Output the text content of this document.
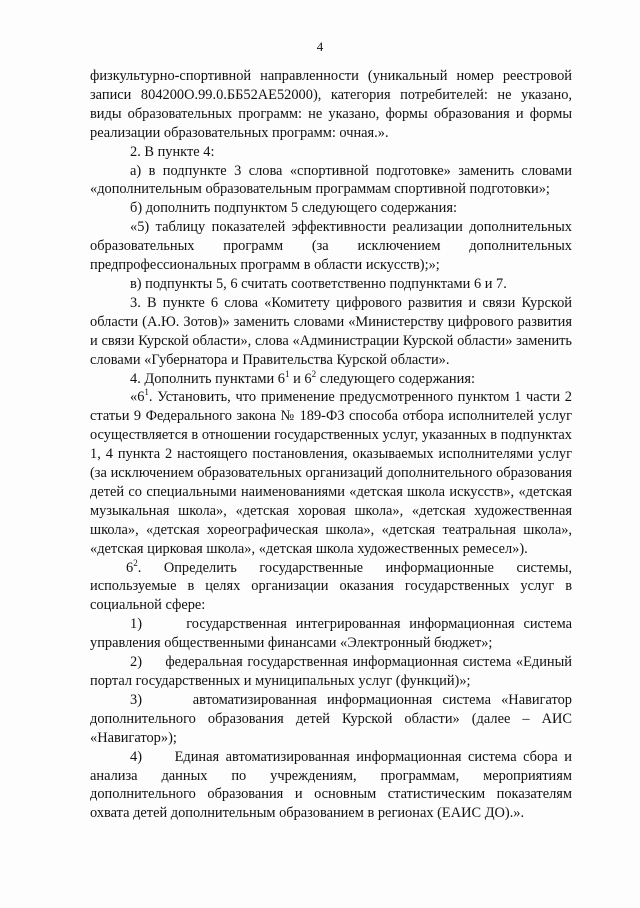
4

физкультурно-спортивной направленности (уникальный номер реестровой записи 804200О.99.0.ББ52АЕ52000), категория потребителей: не указано, виды образовательных программ: не указано, формы образования и формы реализации образовательных программ: очная.».

2. В пункте 4:

а) в подпункте 3 слова «спортивной подготовке» заменить словами «дополнительным образовательным программам спортивной подготовки»;

б) дополнить подпунктом 5 следующего содержания:

«5) таблицу показателей эффективности реализации дополнительных образовательных программ (за исключением дополнительных предпрофессиональных программ в области искусств);»;

в) подпункты 5, 6 считать соответственно подпунктами 6 и 7.

3. В пункте 6 слова «Комитету цифрового развития и связи Курской области (А.Ю. Зотов)» заменить словами «Министерству цифрового развития и связи Курской области», слова «Администрации Курской области» заменить словами «Губернатора и Правительства Курской области».

4. Дополнить пунктами $6^1$ и $6^2$ следующего содержания:

«$6^1$. Установить, что применение предусмотренного пунктом 1 части 2 статьи 9 Федерального закона № 189-ФЗ способа отбора исполнителей услуг осуществляется в отношении государственных услуг, указанных в подпунктах 1, 4 пункта 2 настоящего постановления, оказываемых исполнителями услуг (за исключением образовательных организаций дополнительного образования детей со специальными наименованиями «детская школа искусств», «детская музыкальная школа», «детская хоровая школа», «детская художественная школа», «детская хореографическая школа», «детская театральная школа», «детская цирковая школа», «детская школа художественных ремесел»).

$6^2$. Определить государственные информационные системы, используемые в целях организации оказания государственных услуг в социальной сфере:

1)	государственная интегрированная информационная система управления общественными финансами «Электронный бюджет»;

2) федеральная государственная информационная система «Единый портал государственных и муниципальных услуг (функций)»;

3)	автоматизированная информационная система «Навигатор дополнительного образования детей Курской области» (далее – АИС «Навигатор»);

4) Единая автоматизированная информационная система сбора и анализа данных по учреждениям, программам, мероприятиям дополнительного образования и основным статистическим показателям охвата детей дополнительным образованием в регионах (ЕАИС ДО).».
